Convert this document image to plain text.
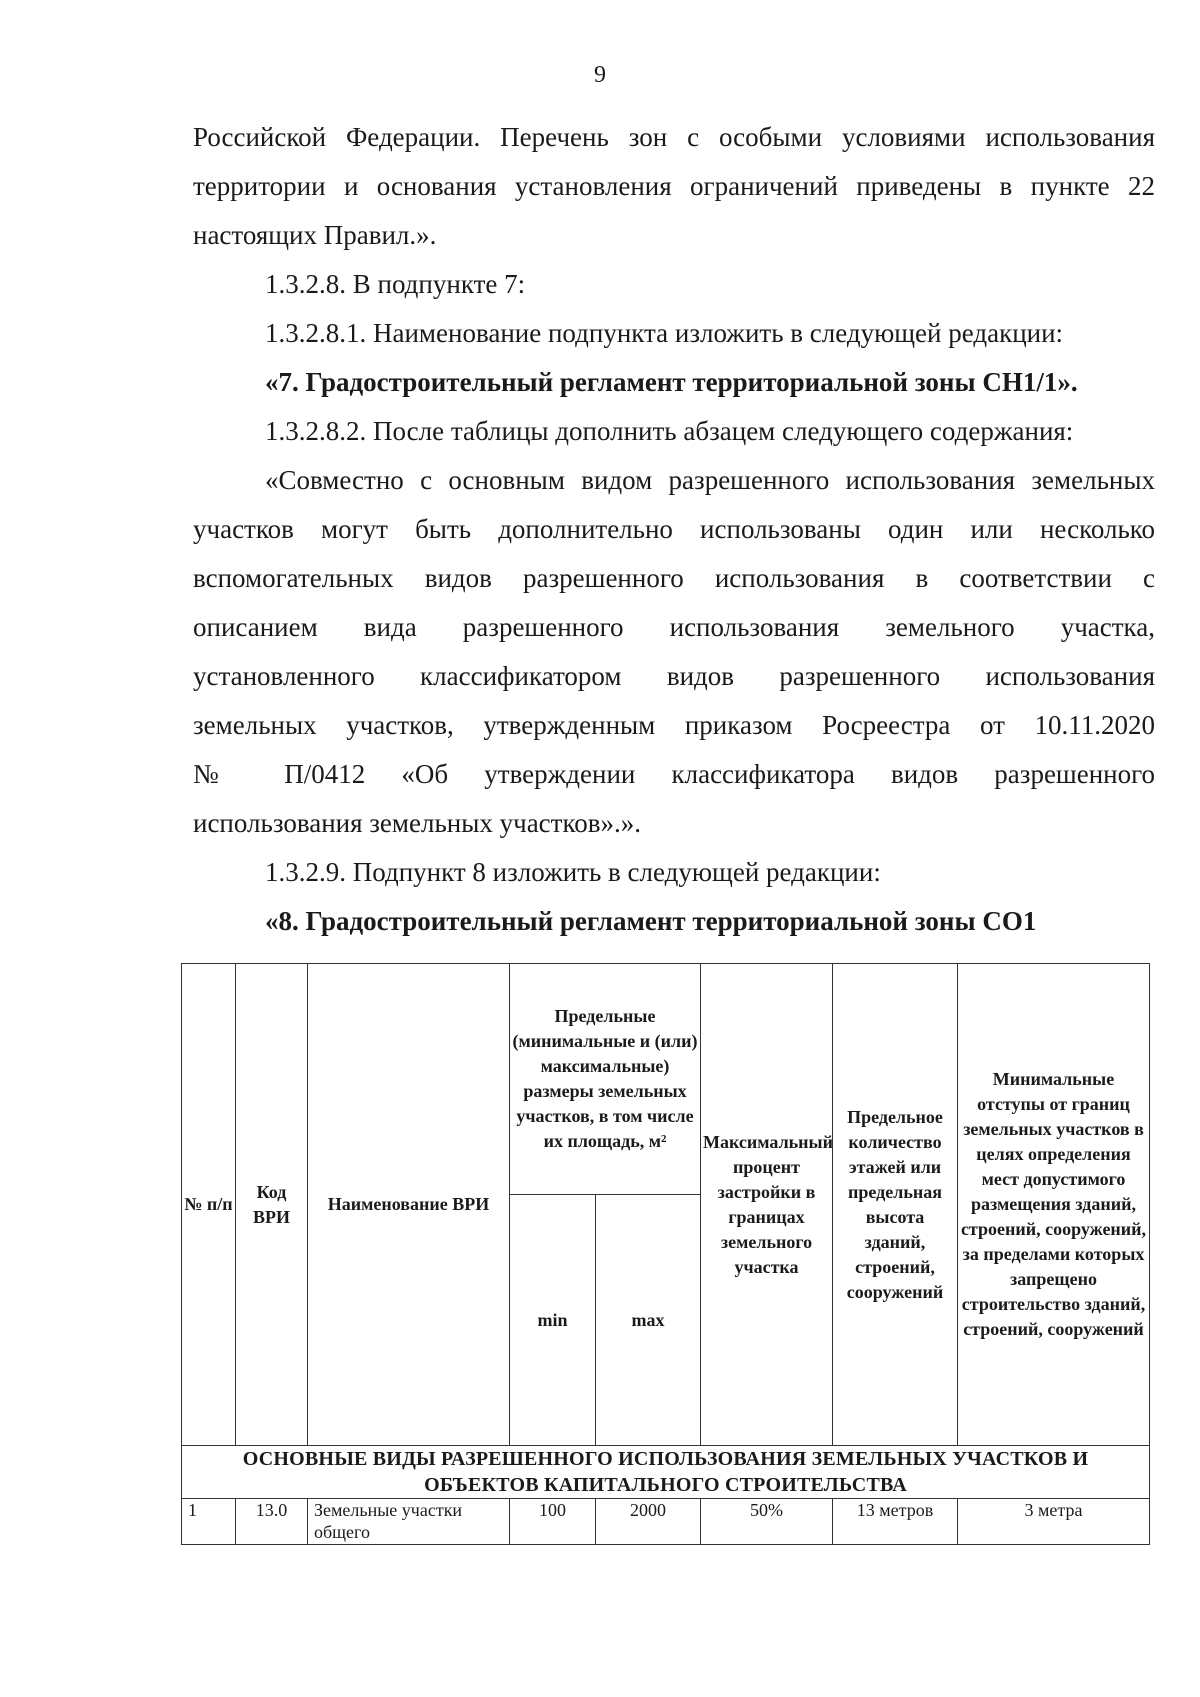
9
Российской Федерации. Перечень зон с особыми условиями использования
территории и основания установления ограничений приведены в пункте 22
настоящих Правил.».
1.3.2.8. В подпункте 7:
1.3.2.8.1. Наименование подпункта изложить в следующей редакции:
«7. Градостроительный регламент территориальной зоны СН1/1».
1.3.2.8.2. После таблицы дополнить абзацем следующего содержания:
«Совместно с основным видом разрешенного использования земельных
участков могут быть дополнительно использованы один или несколько
вспомогательных видов разрешенного использования в соответствии с
описанием вида разрешенного использования земельного участка,
установленного классификатором видов разрешенного использования
земельных участков, утвержденным приказом Росреестра от 10.11.2020
№ П/0412 «Об утверждении классификатора видов разрешенного
использования земельных участков».».
1.3.2.9. Подпункт 8 изложить в следующей редакции:
«8. Градостроительный регламент территориальной зоны СО1
№ п/п	Код ВРИ	Наименование ВРИ	Предельные (минимальные и (или) максимальные) размеры земельных участков, в том числе их площадь, м²		Максимальный процент застройки в границах земельного участка	Предельное количество этажей или предельная высота зданий, строений, сооружений	Минимальные отступы от границ земельных участков в целях определения мест допустимого размещения зданий, строений, сооружений, за пределами которых запрещено строительство зданий, строений, сооружений
			min	max			
ОСНОВНЫЕ ВИДЫ РАЗРЕШЕННОГО ИСПОЛЬЗОВАНИЯ ЗЕМЕЛЬНЫХ УЧАСТКОВ И ОБЪЕКТОВ КАПИТАЛЬНОГО СТРОИТЕЛЬСТВА							
1	13.0	Земельные участки общего	100	2000	50%	13 метров	3 метра
